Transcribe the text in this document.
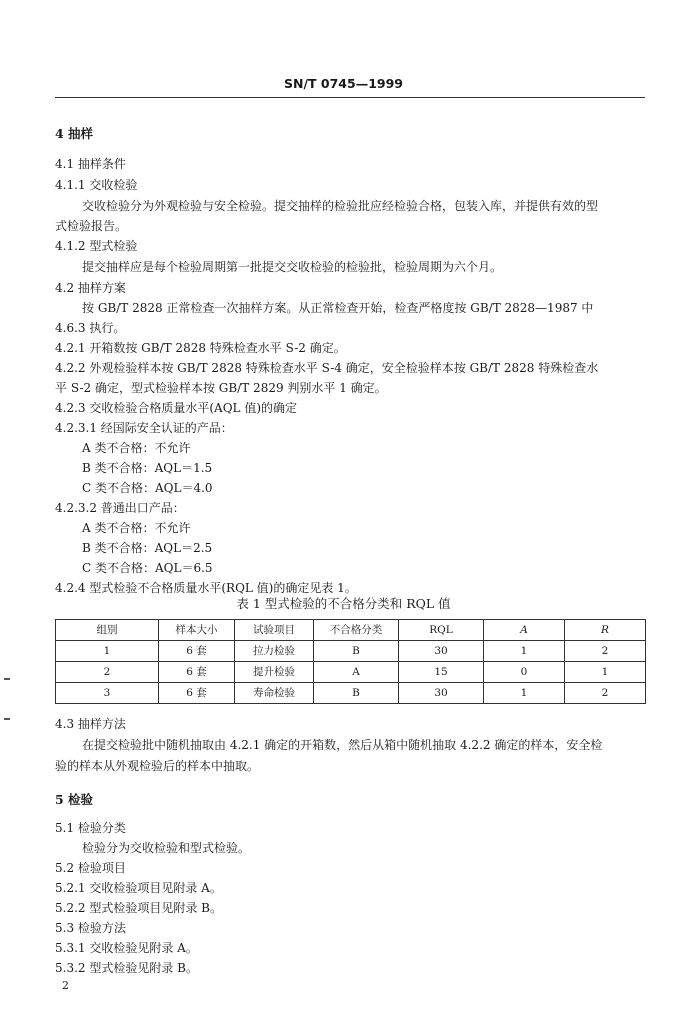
SN/T 0745—1999
4 抽样
4.1 抽样条件
4.1.1 交收检验
交收检验分为外观检验与安全检验。提交抽样的检验批应经检验合格，包装入库，并提供有效的型
式检验报告。
4.1.2 型式检验
提交抽样应是每个检验周期第一批提交交收检验的检验批，检验周期为六个月。
4.2 抽样方案
按 GB/T 2828 正常检查一次抽样方案。从正常检查开始，检查严格度按 GB/T 2828—1987 中
4.6.3 执行。
4.2.1 开箱数按 GB/T 2828 特殊检查水平 S-2 确定。
4.2.2 外观检验样本按 GB/T 2828 特殊检查水平 S-4 确定，安全检验样本按 GB/T 2828 特殊检查水
平 S-2 确定，型式检验样本按 GB/T 2829 判别水平 1 确定。
4.2.3 交收检验合格质量水平(AQL 值)的确定
4.2.3.1 经国际安全认证的产品：
A 类不合格：不允许
B 类不合格：AQL＝1.5
C 类不合格：AQL＝4.0
4.2.3.2 普通出口产品：
A 类不合格：不允许
B 类不合格：AQL＝2.5
C 类不合格：AQL＝6.5
4.2.4 型式检验不合格质量水平(RQL 值)的确定见表 1。
表 1 型式检验的不合格分类和 RQL 值
组别	样本大小	试验项目	不合格分类	RQL	A	R
1	6 套	拉力检验	B	30	1	2
2	6 套	提升检验	A	15	0	1
3	6 套	寿命检验	B	30	1	2
4.3 抽样方法
在提交检验批中随机抽取由 4.2.1 确定的开箱数，然后从箱中随机抽取 4.2.2 确定的样本，安全检
验的样本从外观检验后的样本中抽取。
5 检验
5.1 检验分类
检验分为交收检验和型式检验。
5.2 检验项目
5.2.1 交收检验项目见附录 A。
5.2.2 型式检验项目见附录 B。
5.3 检验方法
5.3.1 交收检验见附录 A。
5.3.2 型式检验见附录 B。
2
